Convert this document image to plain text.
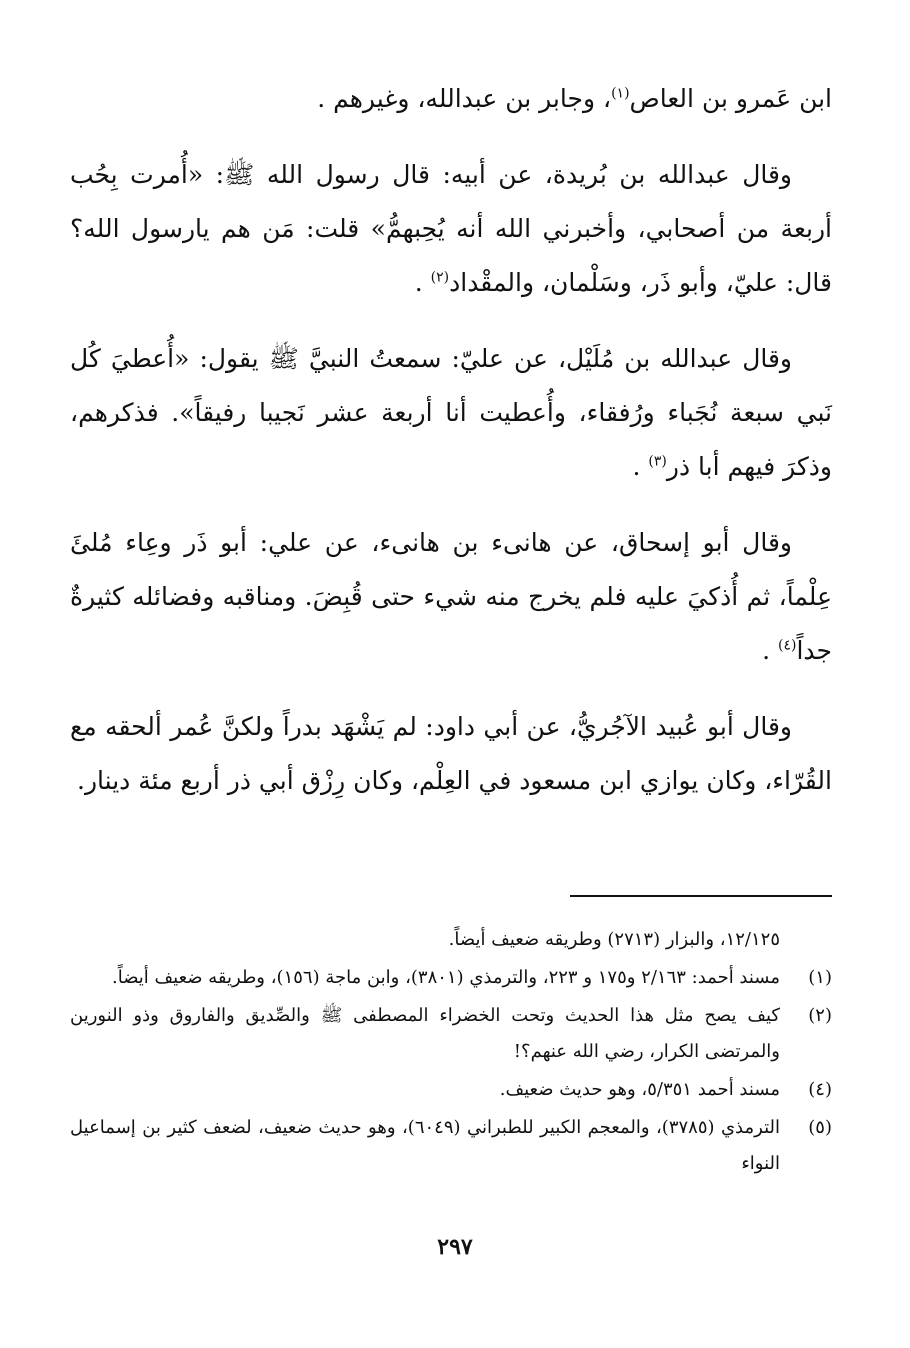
ابن عَمرو بن العاص$^{(١)}$، وجابر بن عبدالله، وغيرهم .

وقال عبدالله بن بُريدة، عن أبيه: قال رسول الله ﷺ: «أُمرت بِحُب أربعة من أصحابي، وأخبرني الله أنه يُحِبهمُّ» قلت: مَن هم يارسول الله؟ قال: عليّ، وأبو ذَر، وسَلْمان، والمقْداد$^{(٢)}$ .

وقال عبدالله بن مُلَيْل، عن عليّ: سمعتُ النبيَّ ﷺ يقول: «أُعطيَ كُل نَبي سبعة نُجَباء ورُفقاء، وأُعطيت أنا أربعة عشر نَجيبا رفيقاً». فذكرهم، وذكرَ فيهم أبا ذر$^{(٣)}$ .

وقال أبو إسحاق، عن هانىء بن هانىء، عن علي: أبو ذَر وعِاء مُلئَ عِلْماً، ثم أُذكيَ عليه فلم يخرج منه شيء حتى قُبِضَ. ومناقبه وفضائله كثيرةٌ جداً$^{(٤)}$ .

وقال أبو عُبيد الآجُريُّ، عن أبي داود: لم يَشْهَد بدراً ولكنَّ عُمر ألحقه مع القُرّاء، وكان يوازي ابن مسعود في العِلْم، وكان رِزْق أبي ذر أربع مئة دينار.

١٢/١٢٥، والبزار (٢٧١٣) وطريقه ضعيف أيضاً.
(١)
مسند أحمد: ٢/١٦٣ و١٧٥ و ٢٢٣، والترمذي (٣٨٠١)، وابن ماجة (١٥٦)، وطريقه ضعيف أيضاً.
(٢)
كيف يصح مثل هذا الحديث وتحت الخضراء المصطفى ﷺ والصِّديق والفاروق وذو النورين والمرتضى الكرار، رضي الله عنهم؟!
(٤)
مسند أحمد ٥/٣٥١، وهو حديث ضعيف.
(٥)
الترمذي (٣٧٨٥)، والمعجم الكبير للطبراني (٦٠٤٩)، وهو حديث ضعيف، لضعف كثير بن إسماعيل النواء
٢٩٧
